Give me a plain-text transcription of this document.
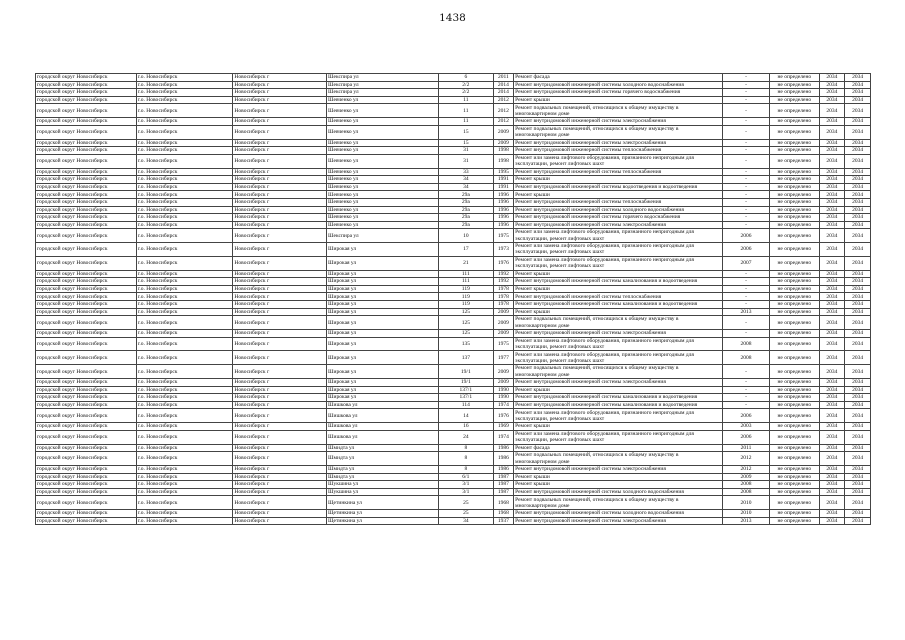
1438
городской округ Новосибирск	г.о. Новосибирск	Новосибирск г	Шекспира ул	6	2011	Ремонт фасада	-	не определено	2034	2034
городской округ Новосибирск	г.о. Новосибирск	Новосибирск г	Шекспира ул	2/2	2014	Ремонт внутридомовой инженерной системы холодного водоснабжения	-	не определено	2034	2034
городской округ Новосибирск	г.о. Новосибирск	Новосибирск г	Шекспира ул	2/2	2014	Ремонт внутридомовой инженерной системы горячего водоснабжения	-	не определено	2034	2034
городской округ Новосибирск	г.о. Новосибирск	Новосибирск г	Шевченко ул	11	2012	Ремонт крыши	-	не определено	2034	2034
городской округ Новосибирск	г.о. Новосибирск	Новосибирск г	Шевченко ул	11	2012	Ремонт подвальных помещений, относящихся к общему имуществу в многоквартирном доме	-	не определено	2034	2034
городской округ Новосибирск	г.о. Новосибирск	Новосибирск г	Шевченко ул	11	2012	Ремонт внутридомовой инженерной системы электроснабжения	-	не определено	2034	2034
городской округ Новосибирск	г.о. Новосибирск	Новосибирск г	Шевченко ул	15	2009	Ремонт подвальных помещений, относящихся к общему имуществу в многоквартирном доме	-	не определено	2034	2034
городской округ Новосибирск	г.о. Новосибирск	Новосибирск г	Шевченко ул	15	2009	Ремонт внутридомовой инженерной системы электроснабжения	-	не определено	2034	2034
городской округ Новосибирск	г.о. Новосибирск	Новосибирск г	Шевченко ул	31	1998	Ремонт внутридомовой инженерной системы теплоснабжения	-	не определено	2034	2034
городской округ Новосибирск	г.о. Новосибирск	Новосибирск г	Шевченко ул	31	1998	Ремонт или замена лифтового оборудования, признанного непригодным для эксплуатации, ремонт лифтовых шахт	-	не определено	2034	2034
городской округ Новосибирск	г.о. Новосибирск	Новосибирск г	Шевченко ул	33	1995	Ремонт внутридомовой инженерной системы теплоснабжения	-	не определено	2034	2034
городской округ Новосибирск	г.о. Новосибирск	Новосибирск г	Шевченко ул	34	1991	Ремонт крыши	-	не определено	2034	2034
городской округ Новосибирск	г.о. Новосибирск	Новосибирск г	Шевченко ул	34	1991	Ремонт внутридомовой инженерной системы водоотведения и водоотведения	-	не определено	2034	2034
городской округ Новосибирск	г.о. Новосибирск	Новосибирск г	Шевченко ул	29а	1996	Ремонт крыши	-	не определено	2034	2034
городской округ Новосибирск	г.о. Новосибирск	Новосибирск г	Шевченко ул	29а	1996	Ремонт внутридомовой инженерной системы теплоснабжения	-	не определено	2034	2034
городской округ Новосибирск	г.о. Новосибирск	Новосибирск г	Шевченко ул	29а	1996	Ремонт внутридомовой инженерной системы холодного водоснабжения	-	не определено	2034	2034
городской округ Новосибирск	г.о. Новосибирск	Новосибирск г	Шевченко ул	29а	1996	Ремонт внутридомовой инженерной системы горячего водоснабжения	-	не определено	2034	2034
городской округ Новосибирск	г.о. Новосибирск	Новосибирск г	Шевченко ул	29а	1996	Ремонт внутридомовой инженерной системы электроснабжения	-	не определено	2034	2034
городской округ Новосибирск	г.о. Новосибирск	Новосибирск г	Шекспира ул	10	1975	Ремонт или замена лифтового оборудования, признанного непригодным для эксплуатации, ремонт лифтовых шахт	2006	не определено	2034	2034
городской округ Новосибирск	г.о. Новосибирск	Новосибирск г	Широкая ул	17	1973	Ремонт или замена лифтового оборудования, признанного непригодным для эксплуатации, ремонт лифтовых шахт	2006	не определено	2034	2034
городской округ Новосибирск	г.о. Новосибирск	Новосибирск г	Широкая ул	21	1976	Ремонт или замена лифтового оборудования, признанного непригодным для эксплуатации, ремонт лифтовых шахт	2007	не определено	2034	2034
городской округ Новосибирск	г.о. Новосибирск	Новосибирск г	Широкая ул	111	1992	Ремонт крыши	-	не определено	2034	2034
городской округ Новосибирск	г.о. Новосибирск	Новосибирск г	Широкая ул	111	1992	Ремонт внутридомовой инженерной системы канализования и водоотведения	-	не определено	2034	2034
городской округ Новосибирск	г.о. Новосибирск	Новосибирск г	Широкая ул	119	1978	Ремонт крыши	-	не определено	2034	2034
городской округ Новосибирск	г.о. Новосибирск	Новосибирск г	Широкая ул	119	1978	Ремонт внутридомовой инженерной системы теплоснабжения	-	не определено	2034	2034
городской округ Новосибирск	г.о. Новосибирск	Новосибирск г	Широкая ул	119	1978	Ремонт внутридомовой инженерной системы канализования и водоотведения	-	не определено	2034	2034
городской округ Новосибирск	г.о. Новосибирск	Новосибирск г	Широкая ул	125	2009	Ремонт крыши	2013	не определено	2034	2034
городской округ Новосибирск	г.о. Новосибирск	Новосибирск г	Широкая ул	125	2009	Ремонт подвальных помещений, относящихся к общему имуществу в многоквартирном доме	-	не определено	2034	2034
городской округ Новосибирск	г.о. Новосибирск	Новосибирск г	Широкая ул	125	2009	Ремонт внутридомовой инженерной системы электроснабжения	-	не определено	2034	2034
городской округ Новосибирск	г.о. Новосибирск	Новосибирск г	Широкая ул	135	1975	Ремонт или замена лифтового оборудования, признанного непригодным для эксплуатации, ремонт лифтовых шахт	2008	не определено	2034	2034
городской округ Новосибирск	г.о. Новосибирск	Новосибирск г	Широкая ул	137	1977	Ремонт или замена лифтового оборудования, признанного непригодным для эксплуатации, ремонт лифтовых шахт	2008	не определено	2034	2034
городской округ Новосибирск	г.о. Новосибирск	Новосибирск г	Широкая ул	19/1	2009	Ремонт подвальных помещений, относящихся к общему имуществу в многоквартирном доме	-	не определено	2034	2034
городской округ Новосибирск	г.о. Новосибирск	Новосибирск г	Широкая ул	19/1	2009	Ремонт внутридомовой инженерной системы электроснабжения	-	не определено	2034	2034
городской округ Новосибирск	г.о. Новосибирск	Новосибирск г	Широкая ул	137/1	1990	Ремонт крыши	-	не определено	2034	2034
городской округ Новосибирск	г.о. Новосибирск	Новосибирск г	Широкая ул	137/1	1990	Ремонт внутридомовой инженерной системы канализования и водоотведения	-	не определено	2034	2034
городской округ Новосибирск	г.о. Новосибирск	Новосибирск г	Шишкова ул	114	1974	Ремонт внутридомовой инженерной системы канализования и водоотведения	-	не определено	2034	2034
городской округ Новосибирск	г.о. Новосибирск	Новосибирск г	Шишкова ул	14	1976	Ремонт или замена лифтового оборудования, признанного непригодным для эксплуатации, ремонт лифтовых шахт	2006	не определено	2034	2034
городской округ Новосибирск	г.о. Новосибирск	Новосибирск г	Шишкова ул	16	1969	Ремонт крыши	2003	не определено	2034	2034
городской округ Новосибирск	г.о. Новосибирск	Новосибирск г	Шишкова ул	24	1974	Ремонт или замена лифтового оборудования, признанного непригодным для эксплуатации, ремонт лифтовых шахт	2006	не определено	2034	2034
городской округ Новосибирск	г.о. Новосибирск	Новосибирск г	Шмидта ул	8	1986	Ремонт фасада	2011	не определено	2034	2034
городской округ Новосибирск	г.о. Новосибирск	Новосибирск г	Шмидта ул	8	1986	Ремонт подвальных помещений, относящихся к общему имуществу в многоквартирном доме	2012	не определено	2034	2034
городской округ Новосибирск	г.о. Новосибирск	Новосибирск г	Шмидта ул	8	1986	Ремонт внутридомовой инженерной системы электроснабжения	2012	не определено	2034	2034
городской округ Новосибирск	г.о. Новосибирск	Новосибирск г	Шмидта ул	6/1	1987	Ремонт крыши	2009	не определено	2034	2034
городской округ Новосибирск	г.о. Новосибирск	Новосибирск г	Шукшина ул	3/1	1987	Ремонт крыши	2008	не определено	2034	2034
городской округ Новосибирск	г.о. Новосибирск	Новосибирск г	Шукшина ул	3/1	1987	Ремонт внутридомовой инженерной системы холодного водоснабжения	2008	не определено	2034	2034
городской округ Новосибирск	г.о. Новосибирск	Новосибирск г	Щетинкина ул	25	1968	Ремонт подвальных помещений, относящихся к общему имуществу в многоквартирном доме	2010	не определено	2034	2034
городской округ Новосибирск	г.о. Новосибирск	Новосибирск г	Щетинкина ул	25	1968	Ремонт внутридомовой инженерной системы холодного водоснабжения	2010	не определено	2034	2034
городской округ Новосибирск	г.о. Новосибирск	Новосибирск г	Щетинкина ул	34	1937	Ремонт внутридомовой инженерной системы электроснабжения	2013	не определено	2034	2034
